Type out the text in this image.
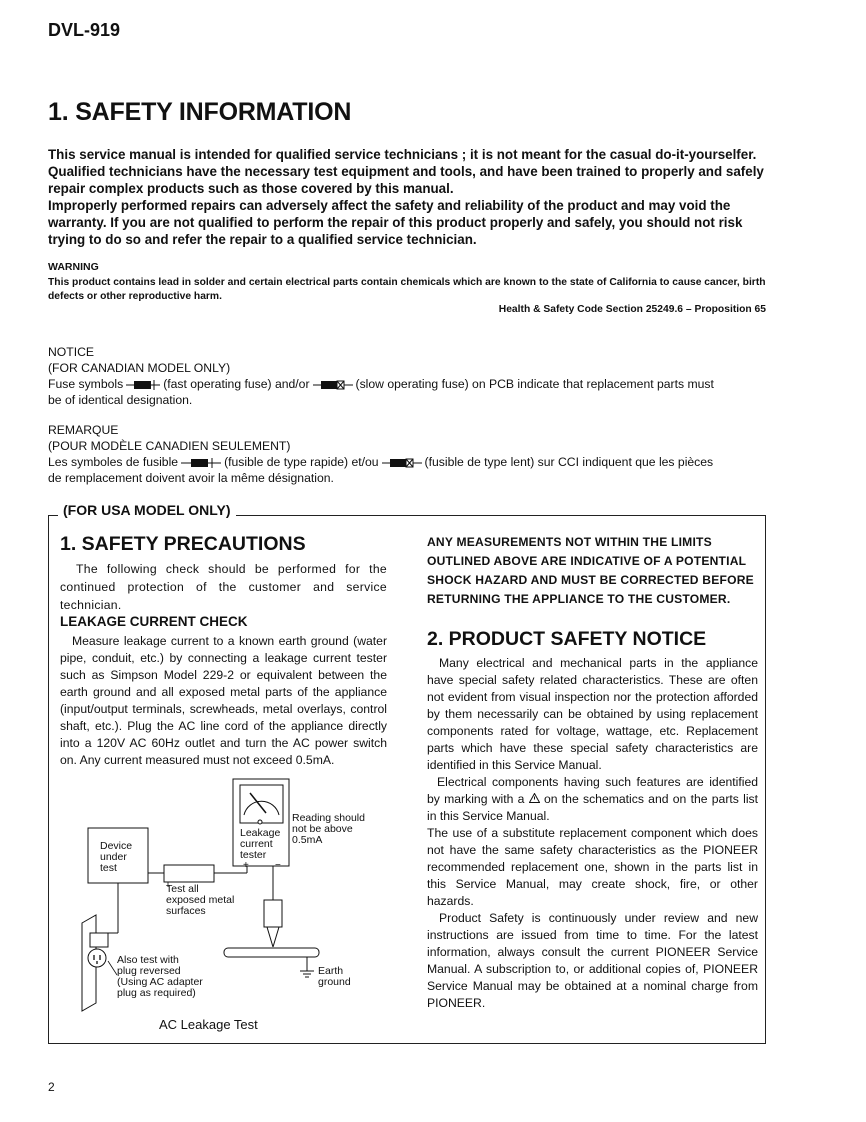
DVL-919
1. SAFETY INFORMATION

This service manual is intended for qualified service technicians ; it is not meant for the casual do-it-yourselfer. Qualified technicians have the necessary test equipment and tools, and have been trained to properly and safely repair complex products such as those covered by this manual.

Improperly performed repairs can adversely affect the safety and reliability of the product and may void the warranty. If you are not qualified to perform the repair of this product properly and safely, you should not risk trying to do so and refer the repair to a qualified service technician.

WARNING
This product contains lead in solder and certain electrical parts contain chemicals which are known to the state of California to cause cancer, birth defects or other reproductive harm.
Health & Safety Code Section 25249.6 – Proposition 65
NOTICE
(FOR CANADIAN MODEL ONLY)
Fuse symbols	(fast operating fuse) and/or	(slow operating fuse) on PCB indicate that replacement parts must
be of identical designation.
REMARQUE
(POUR MODÈLE CANADIEN SEULEMENT)
Les symboles de fusible	(fusible de type rapide) et/ou	(fusible de type lent) sur CCI indiquent que les pièces
de remplacement doivent avoir la même désignation.
(FOR USA MODEL ONLY)
1. SAFETY PRECAUTIONS
The following check should be performed for the continued protection of the customer and service technician.
LEAKAGE CURRENT CHECK
Measure leakage current to a known earth ground (water pipe, conduit, etc.) by connecting a leakage current tester such as Simpson Model 229-2 or equivalent between the earth ground and all exposed metal parts of the appliance (input/output terminals, screwheads, metal overlays, control shaft, etc.). Plug the AC line cord of the appliance directly into a 120V AC 60Hz outlet and turn the AC power switch on. Any current measured must not exceed 0.5mA.
Device
under
test
Leakage
current
tester
+	−
Reading should
not be above
0.5mA
Test all
exposed metal
surfaces
Also test with
plug reversed
(Using AC adapter
plug as required)
Earth
ground
AC Leakage Test
ANY MEASUREMENTS NOT WITHIN THE LIMITS
OUTLINED ABOVE ARE INDICATIVE OF A POTENTIAL
SHOCK HAZARD AND MUST BE CORRECTED BEFORE
RETURNING THE APPLIANCE TO THE CUSTOMER.
2. PRODUCT SAFETY NOTICE

Many electrical and mechanical parts in the appliance have special safety related characteristics. These are often not evident from visual inspection nor the protection afforded by them necessarily can be obtained by using replacement components rated for voltage, wattage, etc. Replacement parts which have these special safety characteristics are identified in this Service Manual.

Electrical components having such features are identified by marking with a on the schematics and on the parts list in this Service Manual.

The use of a substitute replacement component which does not have the same safety characteristics as the PIONEER recommended replacement one, shown in the parts list in this Service Manual, may create shock, fire, or other hazards.

Product Safety is continuously under review and new instructions are issued from time to time. For the latest information, always consult the current PIONEER Service Manual. A subscription to, or additional copies of, PIONEER Service Manual may be obtained at a nominal charge from PIONEER.

2
